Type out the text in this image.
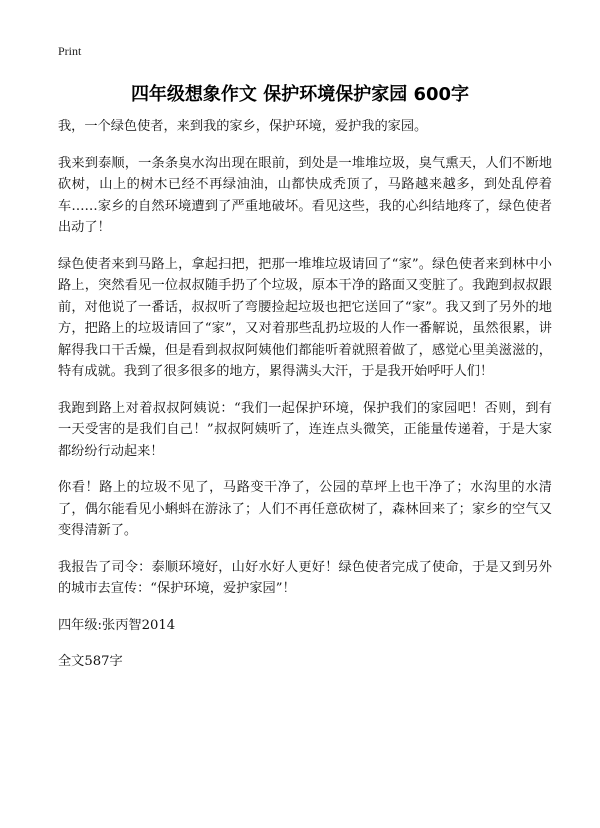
Print
四年级想象作文 保护环境保护家园 600字

我，一个绿色使者，来到我的家乡，保护环境，爱护我的家园。

我来到泰顺，一条条臭水沟出现在眼前，到处是一堆堆垃圾，臭气熏天，人们不断地砍树，山上的树木已经不再绿油油，山都快成秃顶了，马路越来越多，到处乱停着车……家乡的自然环境遭到了严重地破坏。看见这些，我的心纠结地疼了，绿色使者出动了！

绿色使者来到马路上，拿起扫把，把那一堆堆垃圾请回了“家”。绿色使者来到林中小路上，突然看见一位叔叔随手扔了个垃圾，原本干净的路面又变脏了。我跑到叔叔跟前，对他说了一番话，叔叔听了弯腰捡起垃圾也把它送回了“家”。我又到了另外的地方，把路上的垃圾请回了“家”，又对着那些乱扔垃圾的人作一番解说，虽然很累，讲解得我口干舌燥，但是看到叔叔阿姨他们都能听着就照着做了，感觉心里美滋滋的，特有成就。我到了很多很多的地方，累得满头大汗，于是我开始呼吁人们！

我跑到路上对着叔叔阿姨说：“我们一起保护环境，保护我们的家园吧！否则，到有一天受害的是我们自己！”叔叔阿姨听了，连连点头微笑，正能量传递着，于是大家都纷纷行动起来！

你看！路上的垃圾不见了，马路变干净了，公园的草坪上也干净了；水沟里的水清了，偶尔能看见小蝌蚪在游泳了；人们不再任意砍树了，森林回来了；家乡的空气又变得清新了。

我报告了司令：泰顺环境好，山好水好人更好！绿色使者完成了使命，于是又到另外的城市去宣传：“保护环境，爱护家园”！

四年级:张丙智2014
全文587字
